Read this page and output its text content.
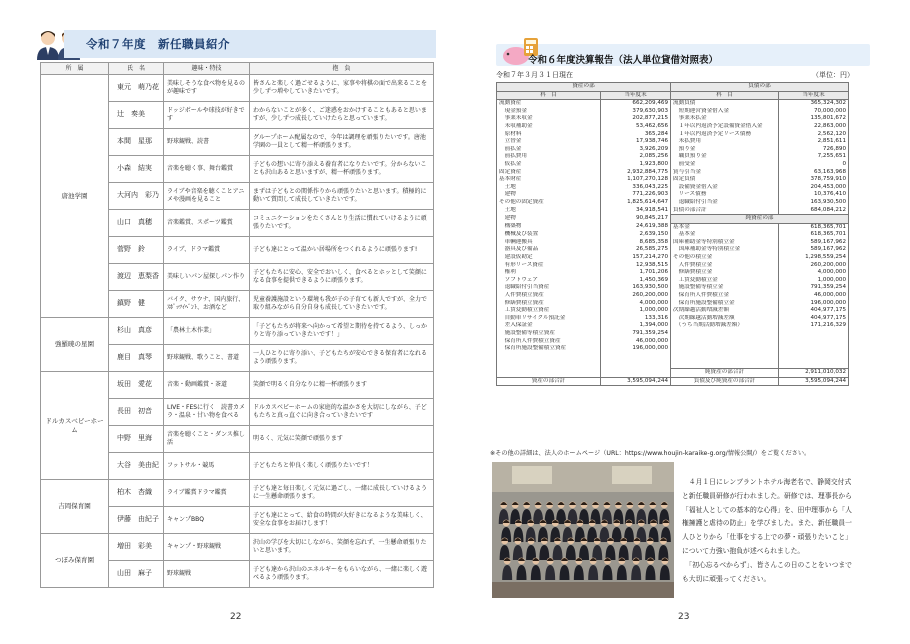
令和７年度　新任職員紹介
所　属	氏　名	趣味・特技	抱　負
唐池学園	東元　萌乃花	美味しそうな食べ物を見るのが趣味です	皆さんと楽しく過ごせるように、家事や将棋の面で出来ることを少しずつ増やしていきたいです。
	辻　奏美	ドッジボールや球技が好きです	わからないことが多く、ご迷惑をおかけすることもあると思いますが、少しずつ成長していけたらと思っています。
	本間　星那	野球観戦、読書	グループホーム配属なので、今年は調理を頑張りたいです。唐池学園の一員として精一杯頑張ります。
	小森　結実	音楽を聴く事、舞台鑑賞	子どもの想いに寄り添える養育者になりたいです。分からないことも沢山あると思いますが、精一杯頑張ります。
	大河内　彩乃	ライブや音楽を聴くことアニメや漫画を見ること	まずは子どもとの関係作りから頑張りたいと思います。積極的に動いて質問して成長していきたいです。
	山口　真穂	音楽鑑賞、スポーツ鑑賞	コミュニケーションをたくさんとり生活に慣れていけるように頑張りたいです。
	菅野　鈴	ライブ、ドラマ鑑賞	子ども達にとって温かい居場所をつくれるように頑張ります!
	渡辺　恵梨香	美味しいパン屋探しパン作り	子どもたちに安心、安全でおいしく、食べるとホッとして笑顔になる食事を提供できるように頑張ります。
	鎮野　健	バイク、サウナ、国内旅行、ｽﾎﾟｯﾂｲﾍﾞﾝﾄ、お酒など	児童養護施設という環境も我が子の子育ても新人ですが、全力で取り組みながら自分自身も成長していきたいです。
強羅暁の星園	杉山　真彦	「農林土木作業」	「子どもたちが将来へ向かって希望と期待を持てるよう、しっかりと寄り添っていきたいです！」
	鹿目　真琴	野球観戦、歌うこと、書道	一人ひとりに寄り添い、子どもたちが安心できる保育者になれるよう頑張ります。
ドルカスベビーホーム	坂田　愛花	音楽・動画鑑賞・茶道	笑顔で明るく自分なりに精一杯頑張ります
	長田　初音	LIVE・FESに行く　読書カメラ・温泉・甘い物を食べる	ドルカスベビーホームの家庭的な温かさを大切にしながら、子どもたちと真っ直ぐに向き合っていきたいです
	中野　里海	音楽を聴くこと・ダンス推し活	明るく、元気に笑顔で頑張ります
	大谷　美由紀	フットサル・競馬	子どもたちと仲良く楽しく頑張りたいです！
吉岡保育園	柏木　杏織	ライブ鑑賞ドラマ鑑賞	子ども達と毎日楽しく元気に過ごし、一緒に成長していけるように一生懸命頑張ります。
	伊藤　由紀子	キャンプBBQ	子ども達にとって、給食の時間が大好きになるような美味しく、安全な食事をお届けします！
つぼみ保育園	増田　彩美	キャンプ・野球観戦	沢山の学びを大切にしながら、笑顔を忘れず、一生懸命頑張りたいと思います。
	山田　麻子	野球観戦	子ども達から沢山のエネルギーをもらいながら、一緒に楽しく遊べるよう頑張ります。
22
令和６年度決算報告（法人単位貸借対照表）
令和７年３月３１日現在	（単位：円）
資産の部		負債の部	
科　目	当年度末	科　目	当年度末
流動資産	662,209,469	流動負債	365,324,302
　現金預金	379,630,903	　短期運営資金借入金	70,000,000
　事業未収金	202,877,215	　事業未払金	135,801,672
　未収補助金	53,462,656	　１年以内返済予定設備資金借入金	22,863,000
　原材料	365,284	　１年以内返済予定リース債務	2,562,120
　立替金	17,938,746	　未払費用	2,851,611
　前払金	3,926,209	　預り金	726,890
　前払費用	2,085,256	　職員預り金	7,255,651
　仮払金	1,923,800	　前受金	0
固定資産	2,932,884,775	賞与引当金	63,163,968
基本財産	1,107,270,128	固定負債	378,759,910
　土地	336,043,225	　設備資金借入金	204,453,000
　建物	771,226,903	　リース債務	10,376,410
その他の固定資産	1,825,614,647	　退職給付引当金	163,930,500
　土地	34,918,541	負債の部合計	684,084,212
　建物	90,845,217	純資産の部	
　構築物	24,619,388	基本金	618,365,701
　機械及び装置	2,639,150	　基本金	618,365,701
　車輌運搬具	8,685,358	国庫補助金等特別積立金	589,167,962
　器具及び備品	26,585,275	　国庫補助金等特別積立金	589,167,962
　建設仮勘定	157,214,270	その他の積立金	1,298,559,254
　有形リース資産	12,938,515	　人件費積立金	260,200,000
　権利	1,701,206	　修繕費積立金	4,000,000
　ソフトウェア	1,450,369	　工賃変動積立金	1,000,000
　退職給付引当資産	163,930,500	　施設整備等積立金	791,359,254
　人件費積立資産	260,200,000	　保育所人件費積立金	46,000,000
　修繕費積立資産	4,000,000	　保育所施設整備積立金	196,000,000
　工賃変動積立資産	1,000,000	次期繰越活動増減差額	404,977,175
　自動車リサイクル預託金	133,316	　次期繰越活動増減差額	404,977,175
　差入保証金	1,394,000	　（うち当期活動増減差額）	171,216,329
　施設整備等積立資産	791,359,254		
　保育所人件費積立資産	46,000,000		
　保育所施設整備積立資産	196,000,000		

		純資産の部合計	2,911,010,032
資産の部合計	3,595,094,244	負債及び純資産の部合計	3,595,094,244
※その他の詳細は、法人のホームページ（URL：https://www.houjin-karaike-g.org/情報公開/）をご覧ください。

　４月１日にレンブラントホテル海老名で、静岡交付式と新任職員研修が行われました。研修では、理事長から「福祉人としての基本的な心得」を、田中理事から「人権擁護と虐待の防止」を学びました。また、新任職員一人ひとりから「仕事をする上での夢・頑張りたいこと」について力強い抱負が述べられました。

　「初心忘るべからず」、皆さんこの日のことをいつまでも大切に頑張ってください。

23
